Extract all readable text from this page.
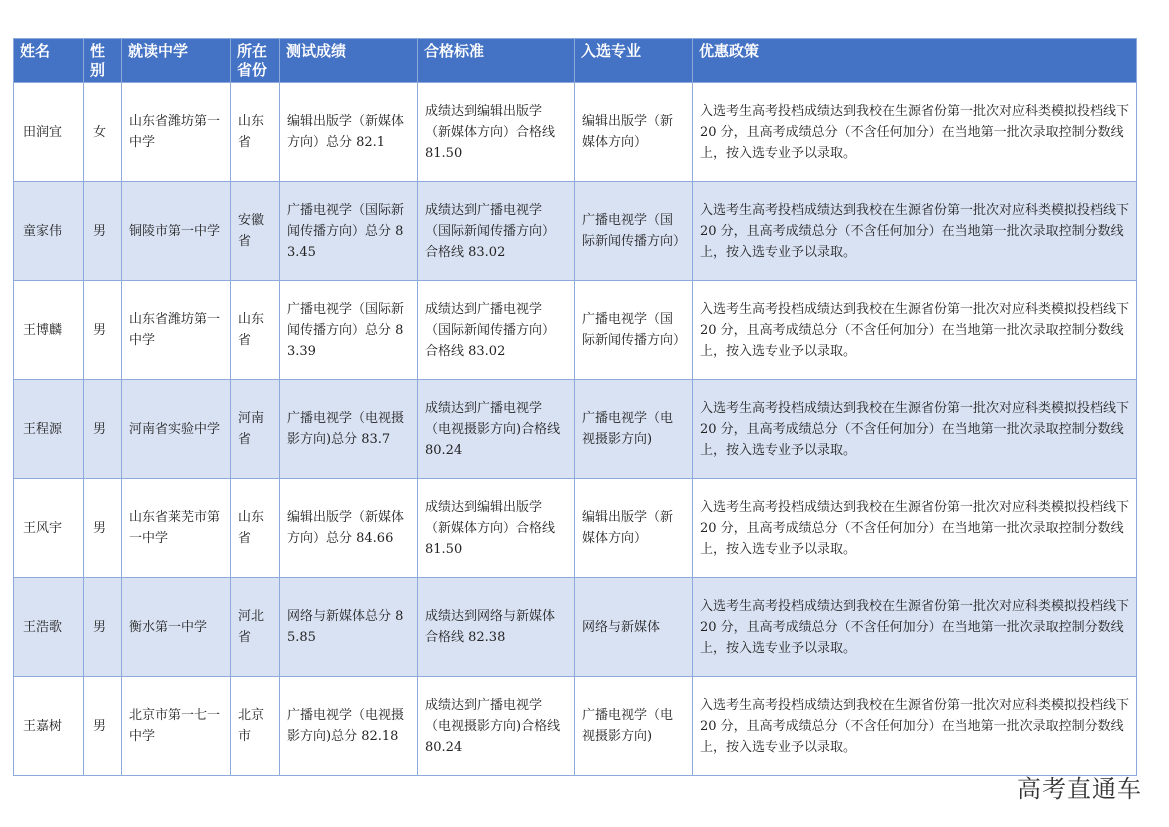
姓名	性别	就读中学	所在省份	测试成绩	合格标准	入选专业	优惠政策
田润宜	女	山东省潍坊第一中学	山东省	编辑出版学（新媒体方向）总分 82.1	成绩达到编辑出版学（新媒体方向）合格线 81.50	编辑出版学（新媒体方向）	入选考生高考投档成绩达到我校在生源省份第一批次对应科类模拟投档线下 20 分，且高考成绩总分（不含任何加分）在当地第一批次录取控制分数线上，按入选专业予以录取。
童家伟	男	铜陵市第一中学	安徽省	广播电视学（国际新闻传播方向）总分 83.45	成绩达到广播电视学（国际新闻传播方向）合格线 83.02	广播电视学（国际新闻传播方向）	入选考生高考投档成绩达到我校在生源省份第一批次对应科类模拟投档线下 20 分，且高考成绩总分（不含任何加分）在当地第一批次录取控制分数线上，按入选专业予以录取。
王博麟	男	山东省潍坊第一中学	山东省	广播电视学（国际新闻传播方向）总分 83.39	成绩达到广播电视学（国际新闻传播方向）合格线 83.02	广播电视学（国际新闻传播方向）	入选考生高考投档成绩达到我校在生源省份第一批次对应科类模拟投档线下 20 分，且高考成绩总分（不含任何加分）在当地第一批次录取控制分数线上，按入选专业予以录取。
王程源	男	河南省实验中学	河南省	广播电视学（电视摄影方向)总分 83.7	成绩达到广播电视学（电视摄影方向)合格线 80.24	广播电视学（电视摄影方向)	入选考生高考投档成绩达到我校在生源省份第一批次对应科类模拟投档线下 20 分，且高考成绩总分（不含任何加分）在当地第一批次录取控制分数线上，按入选专业予以录取。
王风宇	男	山东省莱芜市第一中学	山东省	编辑出版学（新媒体方向）总分 84.66	成绩达到编辑出版学（新媒体方向）合格线 81.50	编辑出版学（新媒体方向）	入选考生高考投档成绩达到我校在生源省份第一批次对应科类模拟投档线下 20 分，且高考成绩总分（不含任何加分）在当地第一批次录取控制分数线上，按入选专业予以录取。
王浩歌	男	衡水第一中学	河北省	网络与新媒体总分 85.85	成绩达到网络与新媒体合格线 82.38	网络与新媒体	入选考生高考投档成绩达到我校在生源省份第一批次对应科类模拟投档线下 20 分，且高考成绩总分（不含任何加分）在当地第一批次录取控制分数线上，按入选专业予以录取。
王嘉树	男	北京市第一七一中学	北京市	广播电视学（电视摄影方向)总分 82.18	成绩达到广播电视学（电视摄影方向)合格线 80.24	广播电视学（电视摄影方向)	入选考生高考投档成绩达到我校在生源省份第一批次对应科类模拟投档线下 20 分，且高考成绩总分（不含任何加分）在当地第一批次录取控制分数线上，按入选专业予以录取。
高考直通车
